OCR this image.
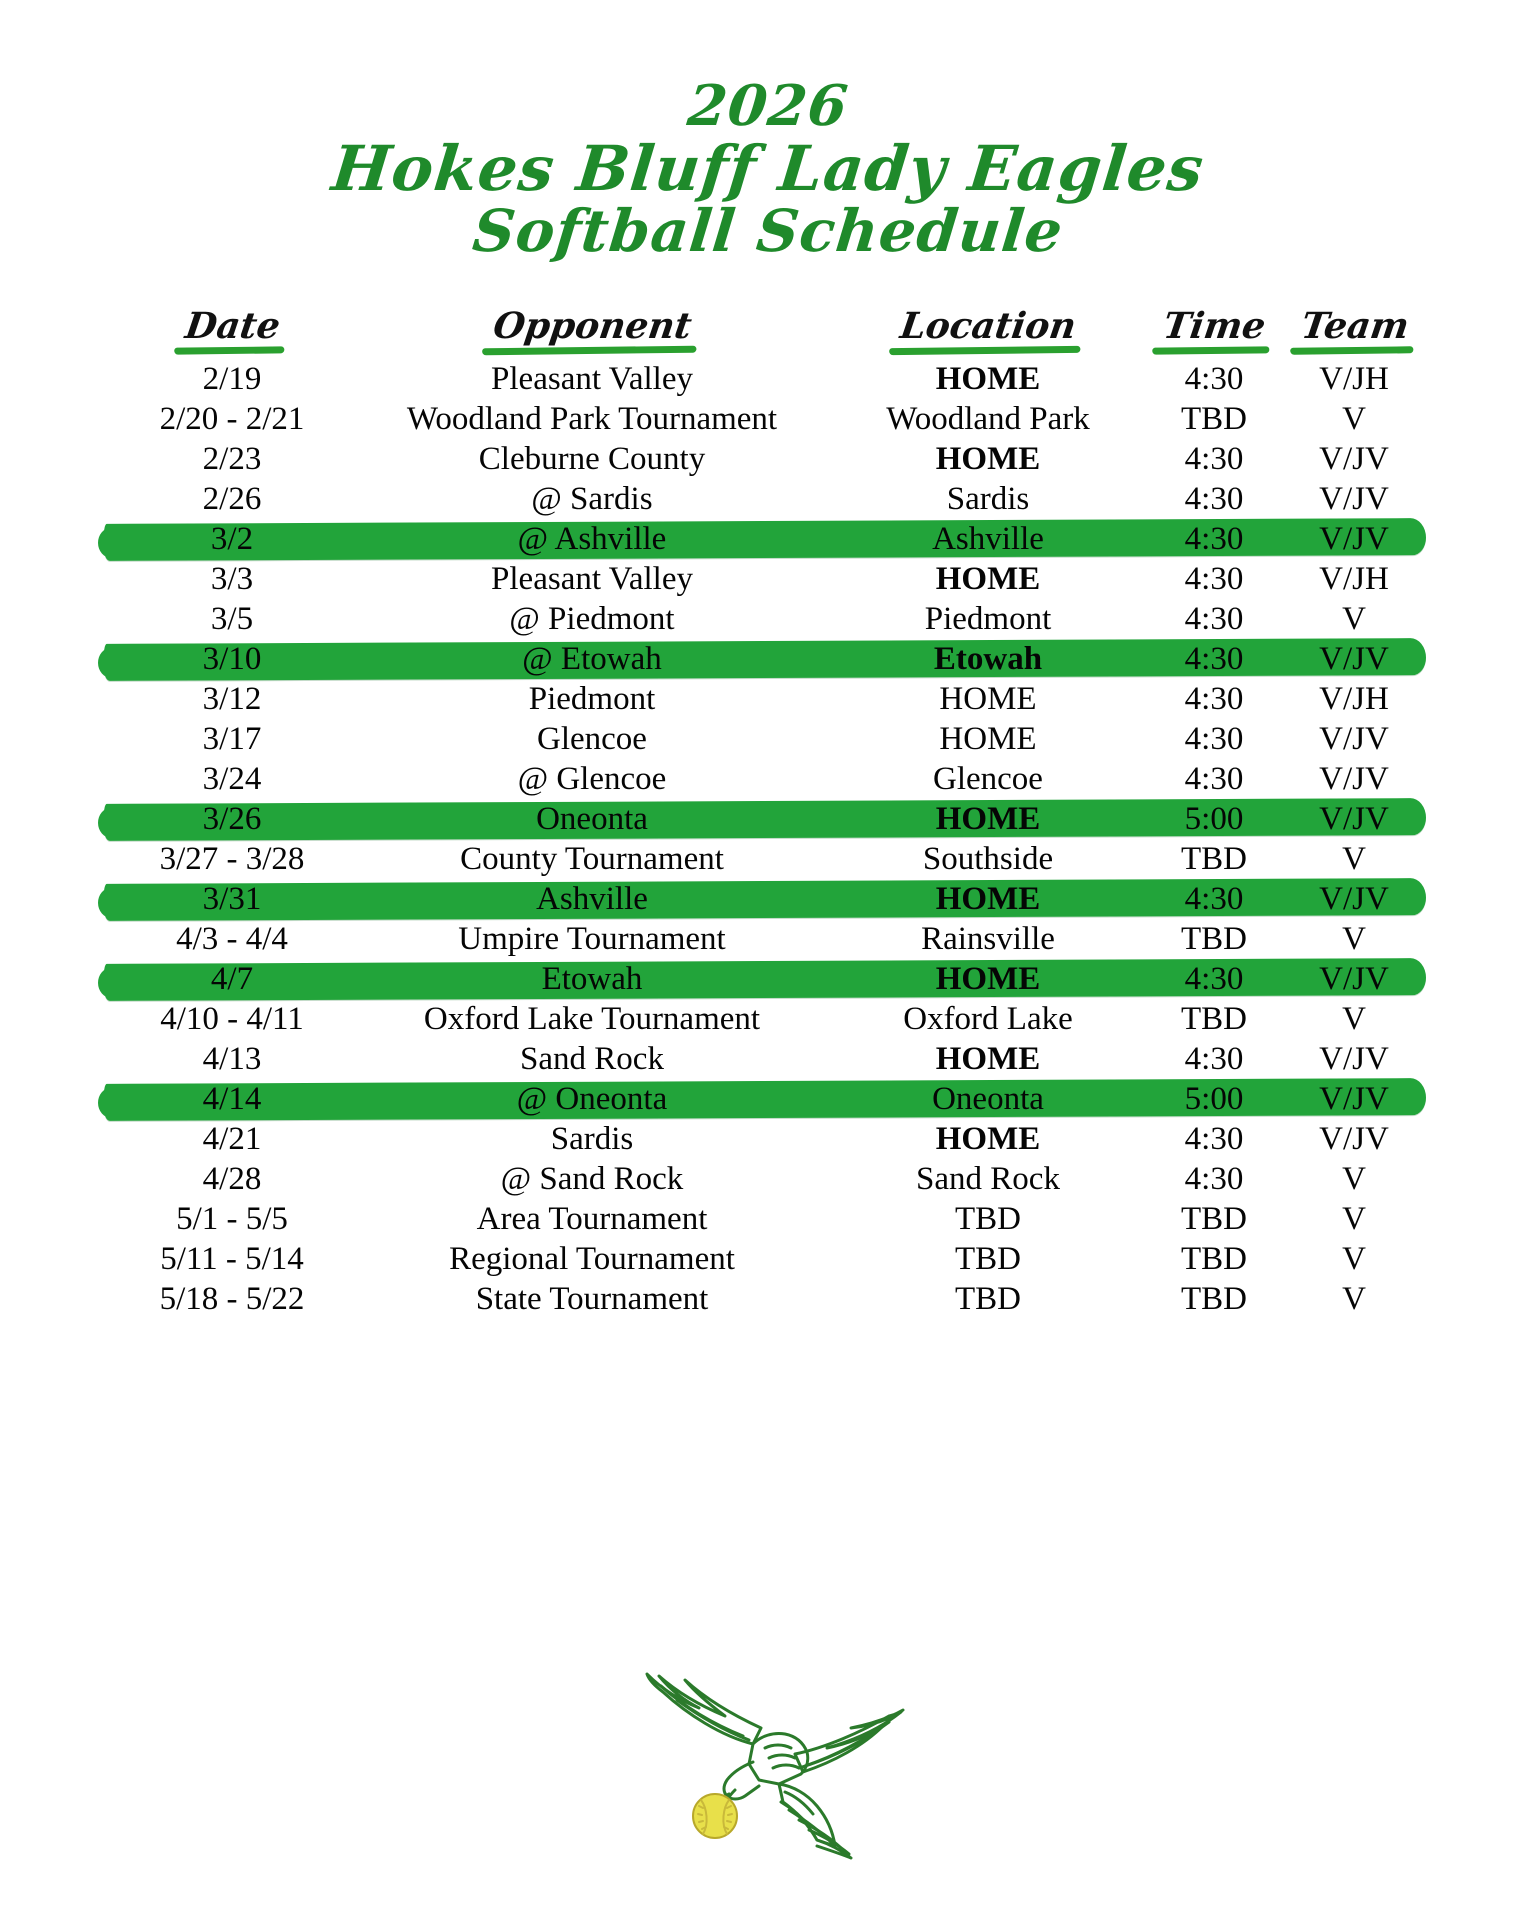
2026
Hokes Bluff Lady Eagles
Softball Schedule
Date	Opponent	Location	Time	Team
2/19	Pleasant Valley	HOME	4:30	V/JH
2/20 - 2/21	Woodland Park Tournament	Woodland Park	TBD	V
2/23	Cleburne County	HOME	4:30	V/JV
2/26	@ Sardis	Sardis	4:30	V/JV
3/2	@ Ashville	Ashville	4:30	V/JV
3/3	Pleasant Valley	HOME	4:30	V/JH
3/5	@ Piedmont	Piedmont	4:30	V
3/10	@ Etowah	Etowah	4:30	V/JV
3/12	Piedmont	HOME	4:30	V/JH
3/17	Glencoe	HOME	4:30	V/JV
3/24	@ Glencoe	Glencoe	4:30	V/JV
3/26	Oneonta	HOME	5:00	V/JV
3/27 - 3/28	County Tournament	Southside	TBD	V
3/31	Ashville	HOME	4:30	V/JV
4/3 - 4/4	Umpire Tournament	Rainsville	TBD	V
4/7	Etowah	HOME	4:30	V/JV
4/10 - 4/11	Oxford Lake Tournament	Oxford Lake	TBD	V
4/13	Sand Rock	HOME	4:30	V/JV
4/14	@ Oneonta	Oneonta	5:00	V/JV
4/21	Sardis	HOME	4:30	V/JV
4/28	@ Sand Rock	Sand Rock	4:30	V
5/1 - 5/5	Area Tournament	TBD	TBD	V
5/11 - 5/14	Regional Tournament	TBD	TBD	V
5/18 - 5/22	State Tournament	TBD	TBD	V
